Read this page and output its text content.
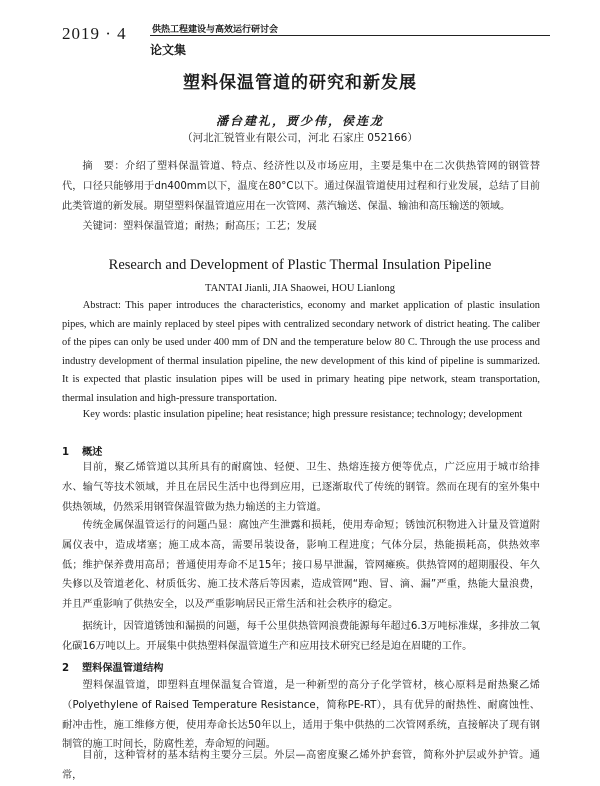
2019 · 4	供热工程建设与高效运行研讨会
论文集
塑料保温管道的研究和新发展
潘台建礼，贾少伟，侯连龙
（河北汇锐管业有限公司，河北 石家庄 052166）
摘　要：介绍了塑料保温管道、特点、经济性以及市场应用，主要是集中在二次供热管网的钢管替代，口径只能够用于dn400mm以下，温度在80°C以下。通过保温管道使用过程和行业发展，总结了目前此类管道的新发展。期望塑料保温管道应用在一次管网、蒸汽输送、保温、输油和高压输送的领域。
关键词：塑料保温管道；耐热；耐高压；工艺；发展
Research and Development of Plastic Thermal Insulation Pipeline
TANTAI Jianli, JIA Shaowei, HOU Lianlong
Abstract: This paper introduces the characteristics, economy and market application of plastic insulation pipes, which are mainly replaced by steel pipes with centralized secondary network of district heating. The caliber of the pipes can only be used under 400 mm of DN and the temperature below 80 C. Through the use process and industry development of thermal insulation pipeline, the new development of this kind of pipeline is summarized. It is expected that plastic insulation pipes will be used in primary heating pipe network, steam transportation, thermal insulation and high-pressure transportation.
Key words: plastic insulation pipeline; heat resistance; high pressure resistance; technology; development
1 概述
目前，聚乙烯管道以其所具有的耐腐蚀、轻便、卫生、热熔连接方便等优点，广泛应用于城市给排水、输气等技术领域，并且在居民生活中也得到应用，已逐渐取代了传统的钢管。然而在现有的室外集中供热领域，仍然采用钢管保温管做为热力输送的主力管道。
传统金属保温管运行的问题凸显：腐蚀产生泄露和损耗，使用寿命短；锈蚀沉积物进入计量及管道附属仪表中，造成堵塞；施工成本高，需要吊装设备，影响工程进度；气体分层，热能损耗高，供热效率低；维护保养费用高昂；普通使用寿命不足15年；接口易早泄漏，管网瘫痪。供热管网的超期服役、年久失修以及管道老化、材质低劣、施工技术落后等因素，造成管网“跑、冒、滴、漏”严重，热能大量浪费，并且严重影响了供热安全，以及严重影响居民正常生活和社会秩序的稳定。
据统计，因管道锈蚀和漏损的问题，每千公里供热管网浪费能源每年超过6.3万吨标准煤，多排放二氧化碳16万吨以上。开展集中供热塑料保温管道生产和应用技术研究已经是迫在眉睫的工作。
2 塑料保温管道结构
塑料保温管道，即塑料直埋保温复合管道，是一种新型的高分子化学管材，核心原料是耐热聚乙烯（Polyethylene of Raised Temperature Resistance，简称PE-RT），具有优异的耐热性、耐腐蚀性、耐冲击性，施工维修方便，使用寿命长达50年以上，适用于集中供热的二次管网系统，直接解决了现有钢制管的施工时间长，防腐性差，寿命短的问题。
目前，这种管材的基本结构主要分三层。外层—高密度聚乙烯外护套管，简称外护层或外护管。通常，
